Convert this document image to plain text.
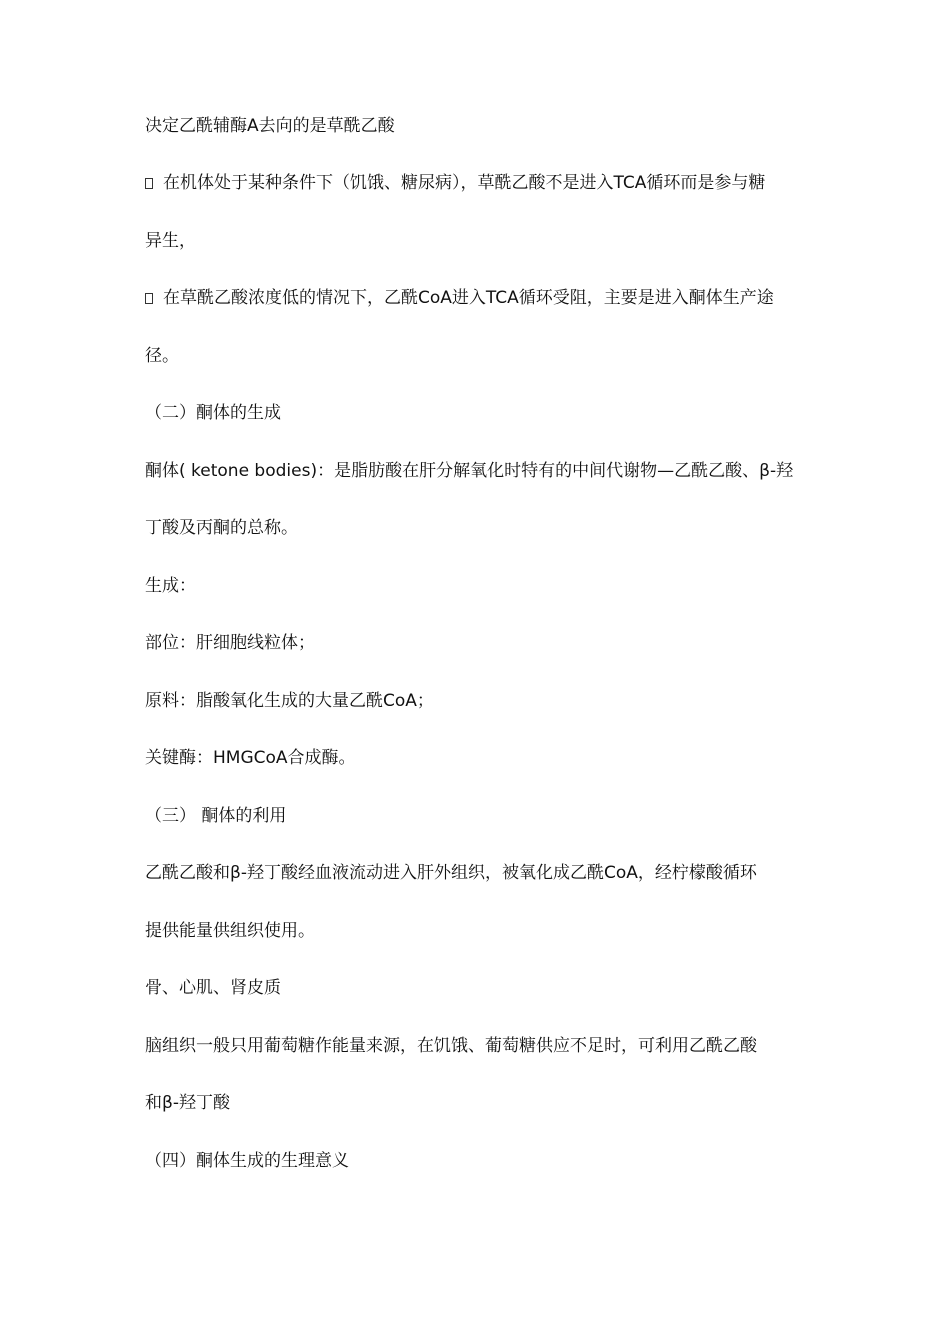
决定乙酰辅酶A去向的是草酰乙酸
在机体处于某种条件下（饥饿、糖尿病），草酰乙酸不是进入TCA循环而是参与糖
异生，
在草酰乙酸浓度低的情况下，乙酰CoA进入TCA循环受阻，主要是进入酮体生产途
径。
（二）酮体的生成
酮体( ketone bodies)：是脂肪酸在肝分解氧化时特有的中间代谢物—乙酰乙酸、β-羟
丁酸及丙酮的总称。
生成：
部位：肝细胞线粒体；
原料：脂酸氧化生成的大量乙酰CoA；
关键酶：HMGCoA合成酶。
（三） 酮体的利用
乙酰乙酸和β-羟丁酸经血液流动进入肝外组织，被氧化成乙酰CoA，经柠檬酸循环
提供能量供组织使用。
骨、心肌、肾皮质
脑组织一般只用葡萄糖作能量来源，在饥饿、葡萄糖供应不足时，可利用乙酰乙酸
和β-羟丁酸
（四）酮体生成的生理意义
